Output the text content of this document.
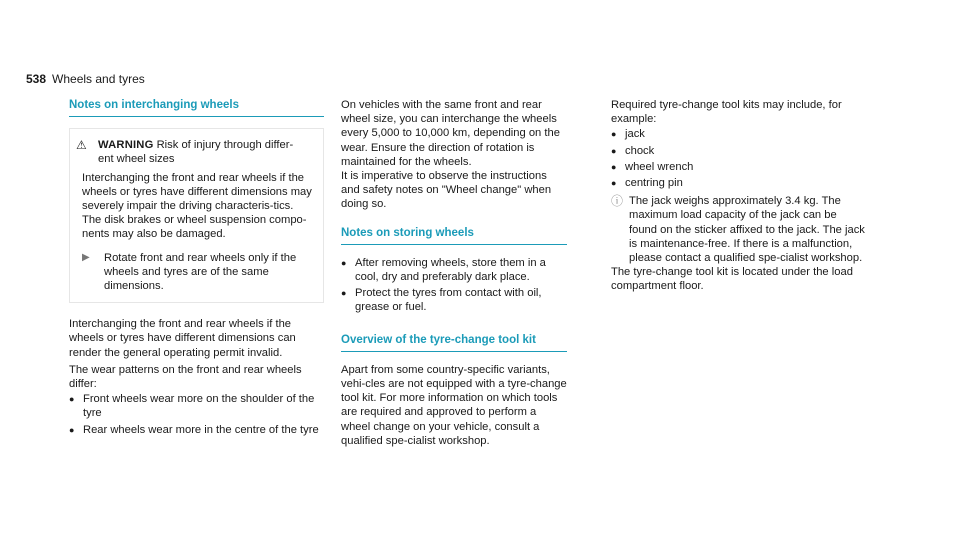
538 Wheels and tyres
Notes on interchanging wheels
⚠	WARNING Risk of injury through differ-
ent wheel sizes

Interchanging the front and rear wheels if the wheels or tyres have different dimensions may severely impair the driving characteris-tics.

The disk brakes or wheel suspension compo-nents may also be damaged.

▶	Rotate front and rear wheels only if the wheels and tyres are of the same dimensions.

Interchanging the front and rear wheels if the wheels or tyres have different dimensions can render the general operating permit invalid.

The wear patterns on the front and rear wheels differ:

● Front wheels wear more on the shoulder of the tyre
● Rear wheels wear more in the centre of the tyre

On vehicles with the same front and rear wheel size, you can interchange the wheels every 5,000 to 10,000 km, depending on the wear. Ensure the direction of rotation is maintained for the wheels.

It is imperative to observe the instructions and safety notes on "Wheel change" when doing so.

Notes on storing wheels
● After removing wheels, store them in a cool, dry and preferably dark place.
● Protect the tyres from contact with oil, grease or fuel.
Overview of the tyre-change tool kit

Apart from some country-specific variants, vehi-cles are not equipped with a tyre-change tool kit. For more information on which tools are required and approved to perform a wheel change on your vehicle, consult a qualified spe-cialist workshop.

Required tyre-change tool kits may include, for example:

● jack
● chock
● wheel wrench
● centring pin
ⓘ The jack weighs approximately 3.4 kg. The maximum load capacity of the jack can be found on the sticker affixed to the jack. The jack is maintenance-free. If there is a malfunction, please contact a qualified spe-cialist workshop.

The tyre-change tool kit is located under the load compartment floor.
